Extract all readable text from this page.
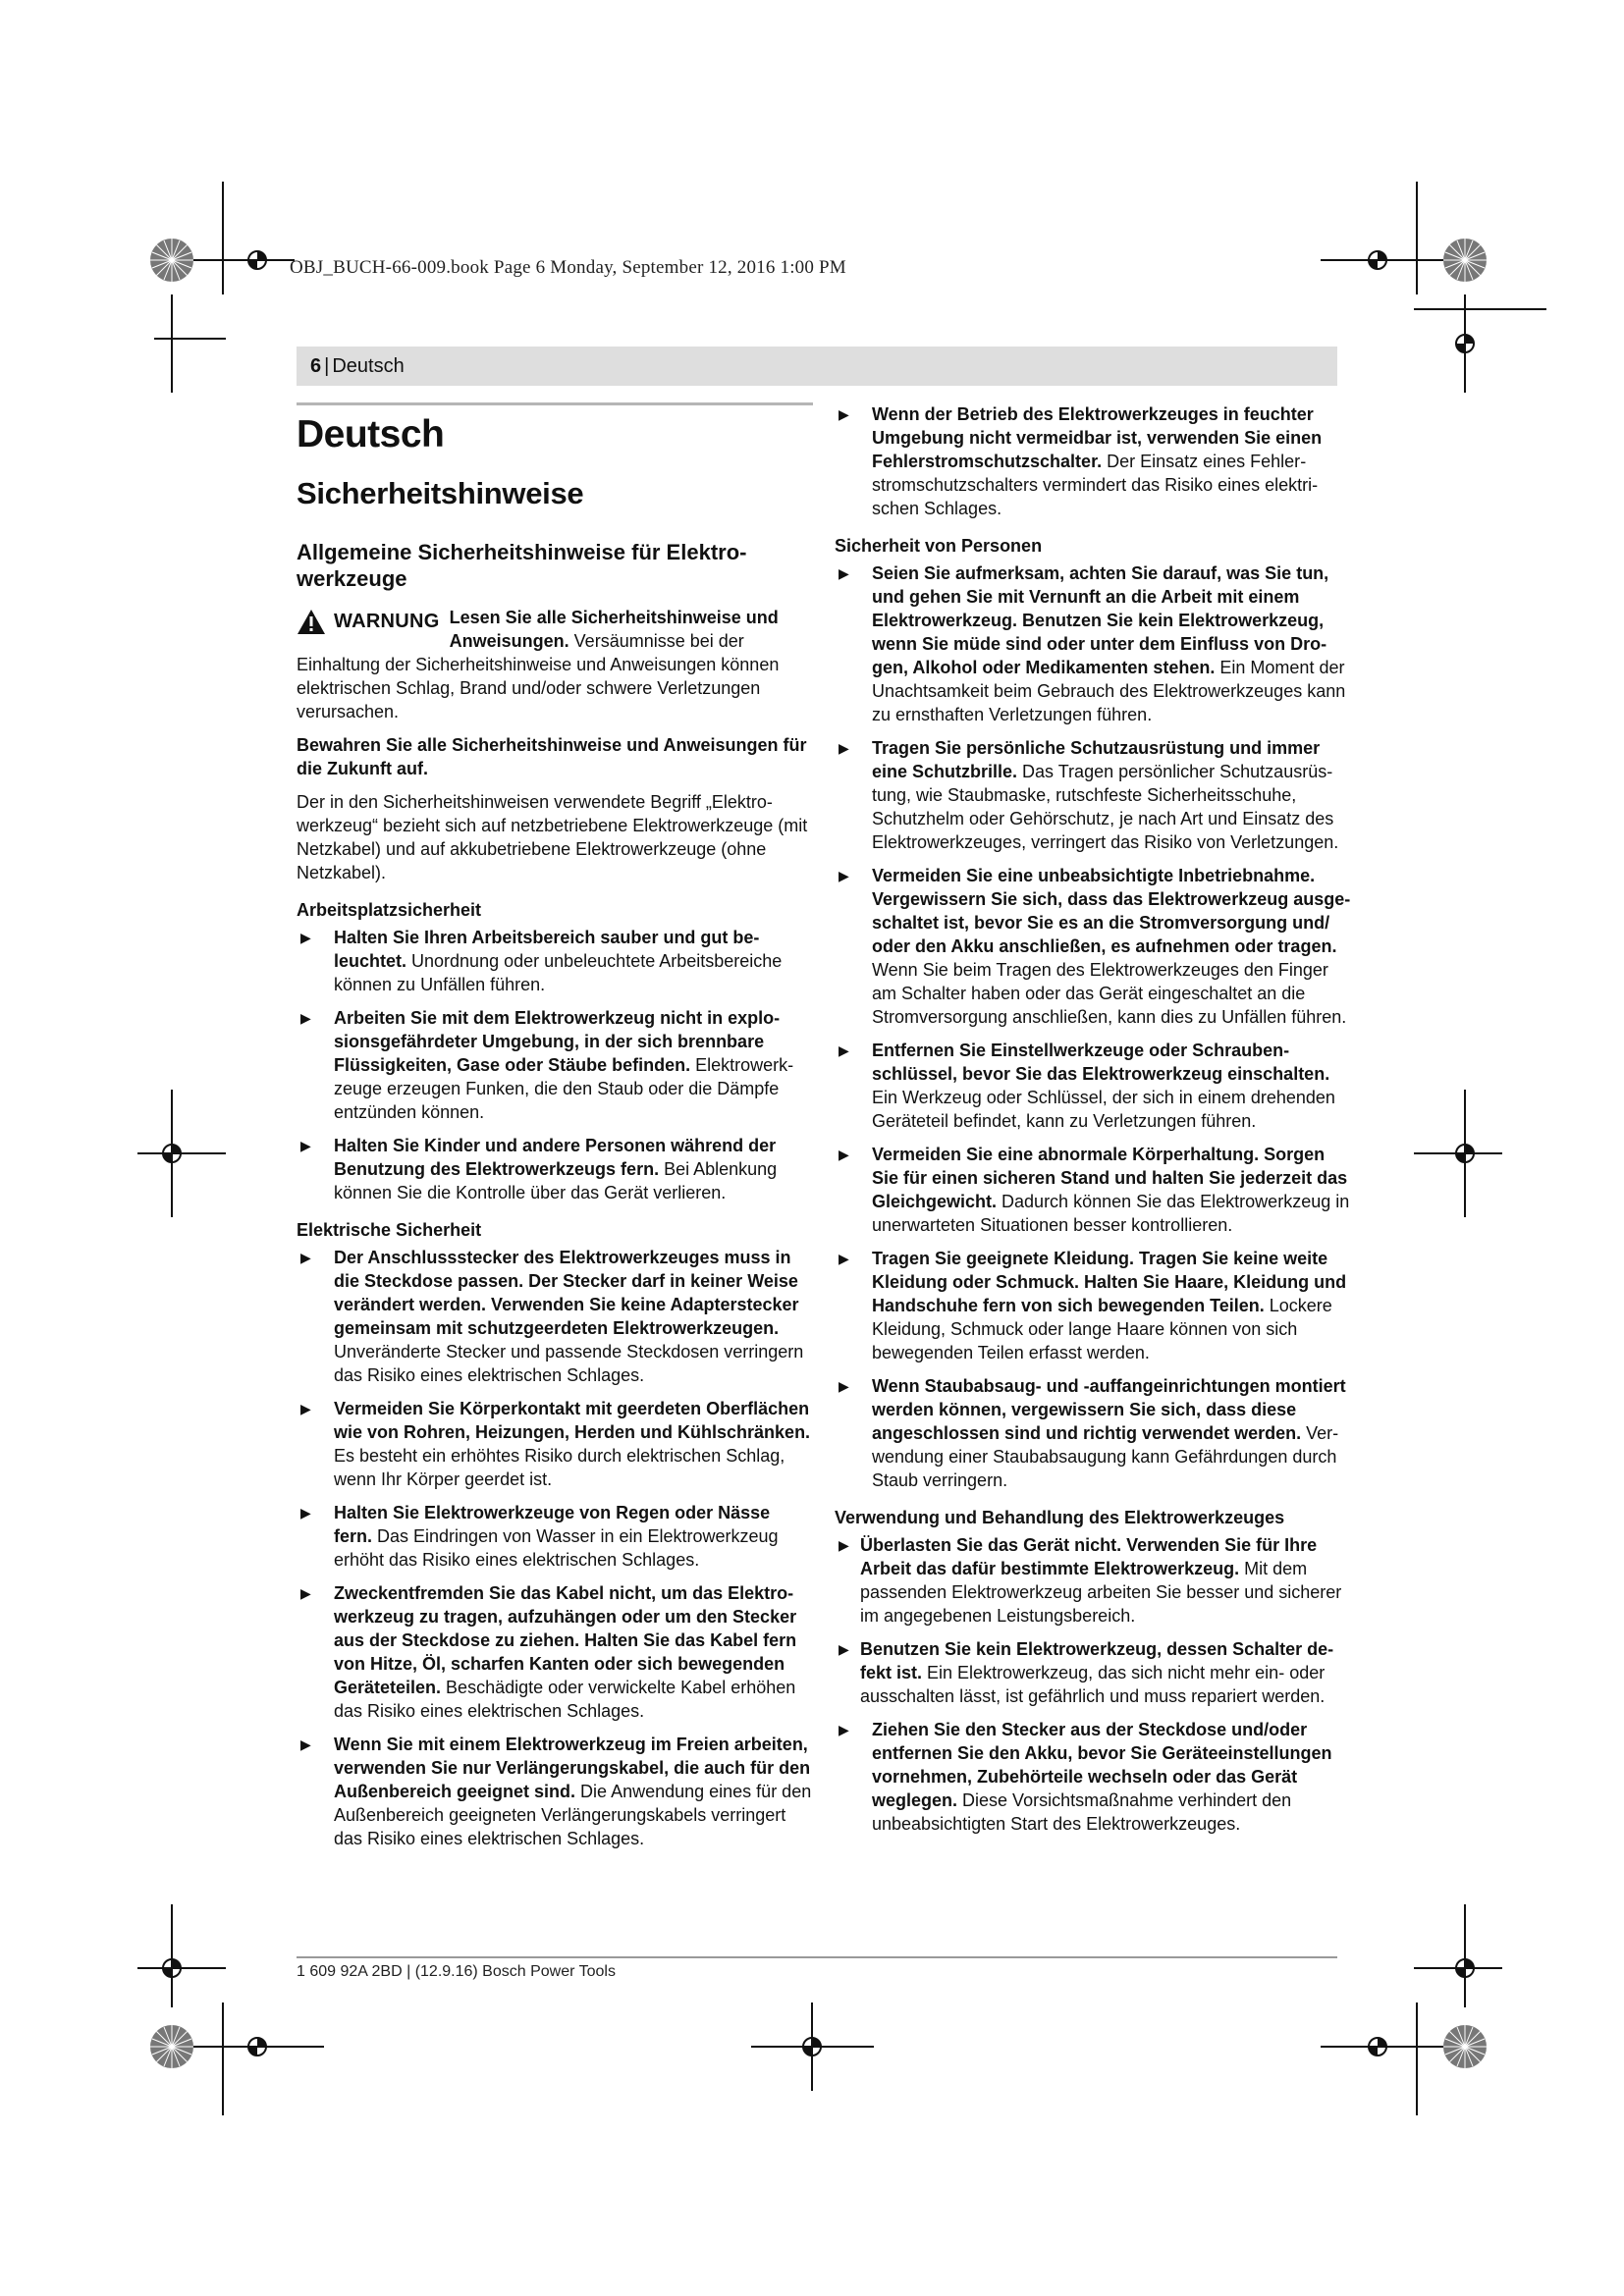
OBJ_BUCH-66-009.book Page 6 Monday, September 12, 2016 1:00 PM
6 | Deutsch
Deutsch
Sicherheitshinweise
Allgemeine Sicherheitshinweise für Elektrowerkzeuge
WARNUNG Lesen Sie alle Sicherheitshinweise und Anweisungen. Versäumnisse bei der Einhaltung der Sicherheitshinweise und Anweisungen können elektrischen Schlag, Brand und/oder schwere Verletzungen verursachen.

Bewahren Sie alle Sicherheitshinweise und Anweisungen für die Zukunft auf.

Der in den Sicherheitshinweisen verwendete Begriff „Elektrowerkzeug“ bezieht sich auf netzbetriebene Elektrowerkzeuge (mit Netzkabel) und auf akkubetriebene Elektrowerkzeuge (ohne Netzkabel).

Arbeitsplatzsicherheit
▶	Halten Sie Ihren Arbeitsbereich sauber und gut beleuchtet. Unordnung oder unbeleuchtete Arbeitsbereiche können zu Unfällen führen.
▶	Arbeiten Sie mit dem Elektrowerkzeug nicht in explosionsgefährdeter Umgebung, in der sich brennbare Flüssigkeiten, Gase oder Stäube befinden. Elektrowerkzeuge erzeugen Funken, die den Staub oder die Dämpfe entzünden können.
▶	Halten Sie Kinder und andere Personen während der Benutzung des Elektrowerkzeugs fern. Bei Ablenkung können Sie die Kontrolle über das Gerät verlieren.
Elektrische Sicherheit
▶	Der Anschlussstecker des Elektrowerkzeuges muss in die Steckdose passen. Der Stecker darf in keiner Weise verändert werden. Verwenden Sie keine Adapterstecker gemeinsam mit schutzgeerdeten Elektrowerkzeugen. Unveränderte Stecker und passende Steckdosen verringern das Risiko eines elektrischen Schlages.
▶	Vermeiden Sie Körperkontakt mit geerdeten Oberflächen wie von Rohren, Heizungen, Herden und Kühlschränken. Es besteht ein erhöhtes Risiko durch elektrischen Schlag, wenn Ihr Körper geerdet ist.
▶	Halten Sie Elektrowerkzeuge von Regen oder Nässe fern. Das Eindringen von Wasser in ein Elektrowerkzeug erhöht das Risiko eines elektrischen Schlages.
▶	Zweckentfremden Sie das Kabel nicht, um das Elektrowerkzeug zu tragen, aufzuhängen oder um den Stecker aus der Steckdose zu ziehen. Halten Sie das Kabel fern von Hitze, Öl, scharfen Kanten oder sich bewegenden Geräteteilen. Beschädigte oder verwickelte Kabel erhöhen das Risiko eines elektrischen Schlages.
▶	Wenn Sie mit einem Elektrowerkzeug im Freien arbeiten, verwenden Sie nur Verlängerungskabel, die auch für den Außenbereich geeignet sind. Die Anwendung eines für den Außenbereich geeigneten Verlängerungskabels verringert das Risiko eines elektrischen Schlages.
▶	Wenn der Betrieb des Elektrowerkzeuges in feuchter Umgebung nicht vermeidbar ist, verwenden Sie einen Fehlerstromschutzschalter. Der Einsatz eines Fehlerstromschutzschalters vermindert das Risiko eines elektrischen Schlages.
Sicherheit von Personen
▶	Seien Sie aufmerksam, achten Sie darauf, was Sie tun, und gehen Sie mit Vernunft an die Arbeit mit einem Elektrowerkzeug. Benutzen Sie kein Elektrowerkzeug, wenn Sie müde sind oder unter dem Einfluss von Drogen, Alkohol oder Medikamenten stehen. Ein Moment der Unachtsamkeit beim Gebrauch des Elektrowerkzeuges kann zu ernsthaften Verletzungen führen.
▶	Tragen Sie persönliche Schutzausrüstung und immer eine Schutzbrille. Das Tragen persönlicher Schutzausrüstung, wie Staubmaske, rutschfeste Sicherheitsschuhe, Schutzhelm oder Gehörschutz, je nach Art und Einsatz des Elektrowerkzeuges, verringert das Risiko von Verletzungen.
▶	Vermeiden Sie eine unbeabsichtigte Inbetriebnahme. Vergewissern Sie sich, dass das Elektrowerkzeug ausgeschaltet ist, bevor Sie es an die Stromversorgung und/ oder den Akku anschließen, es aufnehmen oder tragen. Wenn Sie beim Tragen des Elektrowerkzeuges den Finger am Schalter haben oder das Gerät eingeschaltet an die Stromversorgung anschließen, kann dies zu Unfällen führen.
▶	Entfernen Sie Einstellwerkzeuge oder Schraubenschlüssel, bevor Sie das Elektrowerkzeug einschalten. Ein Werkzeug oder Schlüssel, der sich in einem drehenden Geräteteil befindet, kann zu Verletzungen führen.
▶	Vermeiden Sie eine abnormale Körperhaltung. Sorgen Sie für einen sicheren Stand und halten Sie jederzeit das Gleichgewicht. Dadurch können Sie das Elektrowerkzeug in unerwarteten Situationen besser kontrollieren.
▶	Tragen Sie geeignete Kleidung. Tragen Sie keine weite Kleidung oder Schmuck. Halten Sie Haare, Kleidung und Handschuhe fern von sich bewegenden Teilen. Lockere Kleidung, Schmuck oder lange Haare können von sich bewegenden Teilen erfasst werden.
▶	Wenn Staubabsaug- und -auffangeinrichtungen montiert werden können, vergewissern Sie sich, dass diese angeschlossen sind und richtig verwendet werden. Verwendung einer Staubabsaugung kann Gefährdungen durch Staub verringern.
Verwendung und Behandlung des Elektrowerkzeuges
▶ Überlasten Sie das Gerät nicht. Verwenden Sie für Ihre Arbeit das dafür bestimmte Elektrowerkzeug. Mit dem passenden Elektrowerkzeug arbeiten Sie besser und sicherer im angegebenen Leistungsbereich.
▶ Benutzen Sie kein Elektrowerkzeug, dessen Schalter defekt ist. Ein Elektrowerkzeug, das sich nicht mehr ein- oder ausschalten lässt, ist gefährlich und muss repariert werden.
▶	Ziehen Sie den Stecker aus der Steckdose und/oder entfernen Sie den Akku, bevor Sie Geräteeinstellungen vornehmen, Zubehörteile wechseln oder das Gerät weglegen. Diese Vorsichtsmaßnahme verhindert den unbeabsichtigten Start des Elektrowerkzeuges.
1 609 92A 2BD | (12.9.16) Bosch Power Tools
